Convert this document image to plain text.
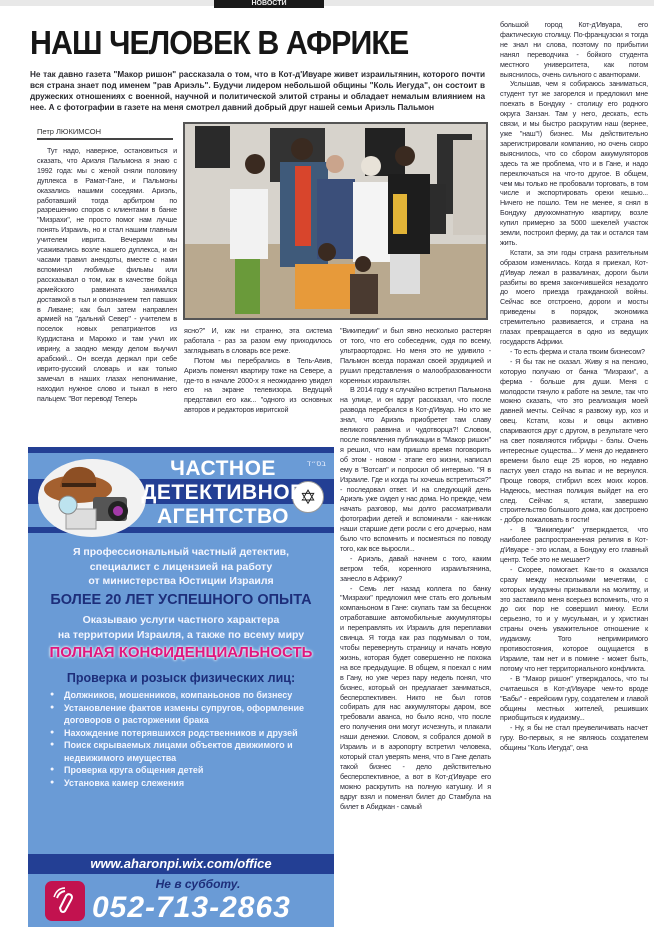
НОВОСТИ
НАШ ЧЕЛОВЕК В АФРИКЕ
Не так давно газета "Макор ришон" рассказала о том, что в Кот-д'Ивуаре живет израильтянин, которого почти вся страна знает под именем "рав Ариэль". Будучи лидером небольшой общины "Коль Иегуда", он состоит в дружеских отношениях с военной, научной и политической элитой страны и обладает немалым влиянием на нее. А с фотографии в газете на меня смотрел давний добрый друг нашей семьи Ариэль Пальмон
Петр ЛЮКИМСОН

Тут надо, наверное, остановиться и сказать, что Ариэля Пальмона я знаю с 1992 года: мы с женой сняли половину дуплекса в Рамат-Гане, и Пальмоны оказались нашими соседями. Ариэль, работавший тогда арбитром по разрешению споров с клиентами в банке "Мизрахи", не просто помог нам лучше понять Израиль, но и стал нашим главным учителем иврита. Вечерами мы усаживались возле нашего дуплекса, и он часами травил анекдоты, вместе с нами вспоминал любимые фильмы или рассказывал о том, как в качестве бойца армейского раввината занимался доставкой в тыл и опознанием тел павших в Ливане; как был затем направлен армией на "дальний Север" - учителем в поселок новых репатриантов из Курдистана и Марокко и там учил их иврину, а заодно между делом выучил арабский... Он всегда держал при себе иврито-русский словарь и как только замечал в наших глазах непонимание, находил нужное слово и тыкал в него пальцем: "Вот перевод! Теперь

ясно?" И, как ни странно, эта система работала - раз за разом ему приходилось заглядывать в словарь все реже.

Потом мы перебрались в Тель-Авив, Ариэль поменял квартиру тоже на Севере, а где-то в начале 2000-х я неожиданно увидел его на экране телевизора. Ведущий представил его как... "одного из основных авторов и редакторов ивритской

"Википедии" и был явно несколько растерян от того, что его собеседник, судя по всему, ультраортодокс. Но меня это не удивило - Пальмон всегда поражал своей эрудицией и рушил представления о малообразованности коренных израильтян.

В 2014 году я случайно встретил Пальмона на улице, и он вдруг рассказал, что после развода перебрался в Кот-д'Ивуар. Но кто же знал, что Ариэль приобретет там славу великого раввина и чудотворца?! Словом, после появления публикации в "Макор ришон" я решил, что нам пришло время поговорить об этом - новом - этапе его жизни, написал ему в "Вотсап" и попросил об интервью. "Я в Израиле. Где и когда ты хочешь встретиться?" - последовал ответ. И на следующий день Ариэль уже сидел у нас дома. Но прежде, чем начать разговор, мы долго рассматривали фотографии детей и вспоминали - как-никак наши старшие дети росли с его дочерью, нам было что вспомнить и посмеяться по поводу того, как все выросли...

- Ариэль, давай начнем с того, каким ветром тебя, коренного израильтянина, занесло в Африку?

- Семь лет назад коллега по банку "Мизрахи" предложил мне стать его дольным компаньоном в Гане: скупать там за бесценок отработавшие автомобильные аккумуляторы и переправлять их Израиль для переплавки свинца. Я тогда как раз подумывал о том, чтобы перевернуть страницу и начать новую жизнь, которая будет совершенно не похожа на все предыдущие. В общем, я поехал с ним в Гану, но уже через пару недель понял, что бизнес, который он предлагает заниматься, бесперспективен. Никто не был готов собирать для нас аккумуляторы даром, все требовали аванса, но было ясно, что после его получения они могут исчезнуть, и плакали наши денежки. Словом, я собрался домой в Израиль и в аэропорту встретил человека, который стал уверять меня, что в Гане делать такой бизнес - дело действительно бесперспективное, а вот в Кот-д'Ивуаре его можно раскрутить на полную катушку. И я вдруг взял и поменял билет до Стамбула на билет в Абиджан - самый

большой город Кот-д'Ивуара, его фактическую столицу. По-французски я тогда не знал ни слова, поэтому по прибытии нанял переводчика - бойкого студента местного университета, как потом выяснилось, очень сильного с авантюрами.

Услышав, чем я собираюсь заниматься, студент тут же загорелся и предложил мне поехать в Бондуку - столицу его родного округа Занзан. Там у него, дескать, есть связи, и мы быстро раскрутим наш (вернее, уже "наш"!) бизнес. Мы действительно зарегистрировали компанию, но очень скоро выяснилось, что со сбором аккумуляторов здесь та же проблема, что и в Гане, и надо переключаться на что-то другое. В общем, чем мы только не пробовали торговать, в том числе и экспортировать орехи кешью... Ничего не пошло. Тем не менее, я снял в Бондуку двухкомнатную квартиру, возле купил примерно за 5000 шекелей участок земли, построил ферму, да так и остался там жить.

Кстати, за эти годы страна разительным образом изменилась. Когда я приехал, Кот-д'Ивуар лежал в развалинах, дороги были разбиты во время закончившейся незадолго до моего приезда гражданской войны. Сейчас все отстроено, дороги и мосты приведены в порядок, экономика стремительно развивается, и страна на глазах превращается в одно из ведущих государств Африки.

- То есть ферма и стала твоим бизнесом?

- Я бы так не сказал. Живу я на пенсию, которую получаю от банка "Мизрахи", а ферма - больше для души. Меня с молодости тянуло к работе на земле, так что можно сказать, что это реализация моей давней мечты. Сейчас я развожу кур, коз и овец. Кстати, козы и овцы активно спариваются друг с другом, в результате чего на свет появляются гибриды - бэлы. Очень интересные существа... У меня до недавнего времени было еще 25 коров, но недавно пастух увел стадо на выпас и не вернулся. Проще говоря, стибрил всех моих коров. Надеюсь, местная полиция выйдет на его след. Сейчас я, кстати, завершаю строительство большого дома, как достроено - добро пожаловать в гости!

- В "Википедии" утверждается, что наиболее распространенная религия в Кот-д'Ивуаре - это ислам, а Бондуку его главный центр. Тебе это не мешает?

- Скорее, помогает. Как-то я оказался сразу между несколькими мечетями, с которых муэдзины призывали на молитву, и это заставило меня всерьез вспомнить, что я до сих пор не совершил минху. Если серьезно, то и у мусульман, и у христиан страны очень уважительное отношение к иудаизму. Того непримиримого противостояния, которое ощущается в Израиле, там нет и в помине - может быть, потому что нет территориального конфликта.

- В "Макор ришон" утверждалось, что ты считаешься в Кот-д'Ивуаре чем-то вроде "Бабы" - еврейским гуру, создателем и главой общины местных жителей, решивших приобщиться к иудаизму...

- Ну, я бы не стал преувеличивать насчет гуру. Во-первых, я не являюсь создателем общины "Коль Иегуда", она

בס״ד
✡
ЧАСТНОЕ
ДЕТЕКТИВНОЕ
АГЕНТСТВО
Я профессиональный частный детектив,
специалист с лицензией на работу
от министерства Юстиции Израиля
БОЛЕЕ 20 ЛЕТ УСПЕШНОГО ОПЫТА
Оказываю услуги частного характера
на территории Израиля, а также по всему миру
ПОЛНАЯ КОНФИДЕНЦИАЛЬНОСТЬ
Проверка и розыск физических лиц:
● Должников, мошенников, компаньонов по бизнесу
● Установление фактов измены супругов, оформление договоров о расторжении брака
● Нахождение потерявшихся родственников и друзей
● Поиск скрываемых лицами объектов движимого и недвижимого имущества
● Проверка круга общения детей
● Установка камер слежения
www.aharonpi.wix.com/office
Не в субботу.
052-713-2863
